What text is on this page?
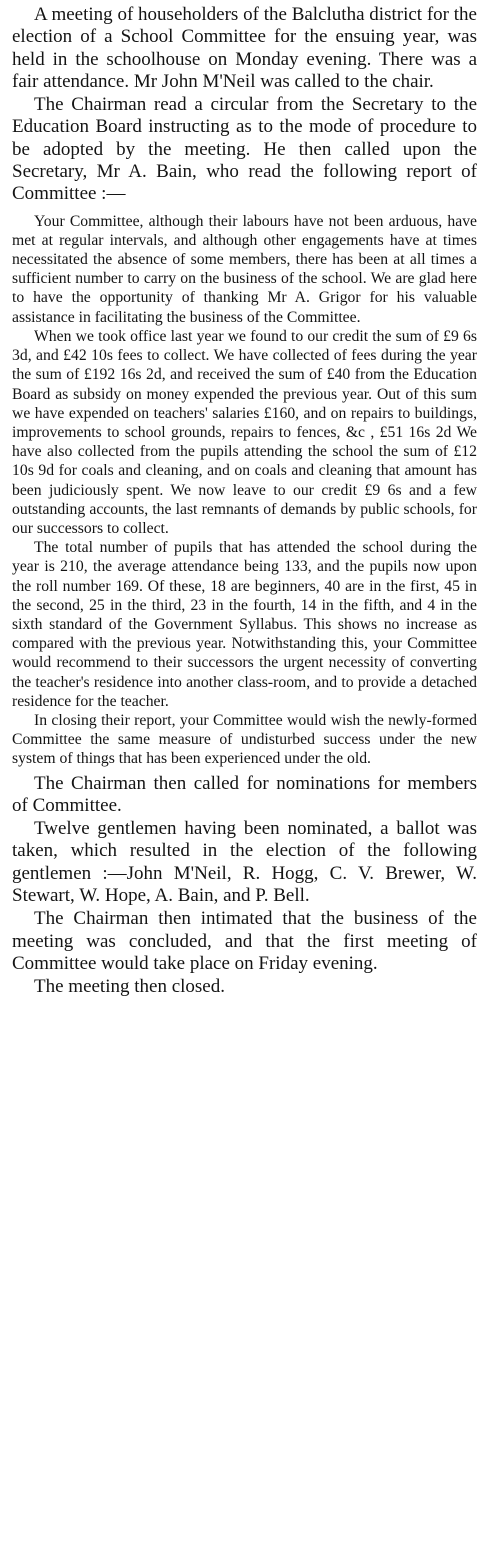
A meeting of householders of the Balclutha district for the election of a School Committee for the ensuing year, was held in the schoolhouse on Monday evening. There was a fair attendance. Mr John M'Neil was called to the chair.

The Chairman read a circular from the Secretary to the Education Board instructing as to the mode of procedure to be adopted by the meeting. He then called upon the Secretary, Mr A. Bain, who read the following report of Committee :—

Your Committee, although their labours have not been arduous, have met at regular intervals, and although other engagements have at times necessitated the absence of some members, there has been at all times a sufficient number to carry on the business of the school. We are glad here to have the opportunity of thanking Mr A. Grigor for his valuable assistance in facilitating the business of the Committee.

When we took office last year we found to our credit the sum of £9 6s 3d, and £42 10s fees to collect. We have collected of fees during the year the sum of £192 16s 2d, and received the sum of £40 from the Education Board as subsidy on money expended the previous year. Out of this sum we have expended on teachers' salaries £160, and on repairs to buildings, improvements to school grounds, repairs to fences, &c , £51 16s 2d We have also collected from the pupils attending the school the sum of £12 10s 9d for coals and cleaning, and on coals and cleaning that amount has been judiciously spent. We now leave to our credit £9 6s and a few outstanding accounts, the last remnants of demands by public schools, for our successors to collect.

The total number of pupils that has attended the school during the year is 210, the average attendance being 133, and the pupils now upon the roll number 169. Of these, 18 are beginners, 40 are in the first, 45 in the second, 25 in the third, 23 in the fourth, 14 in the fifth, and 4 in the sixth standard of the Government Syllabus. This shows no increase as compared with the previous year. Notwithstanding this, your Committee would recommend to their successors the urgent necessity of converting the teacher's residence into another class-room, and to provide a detached residence for the teacher.

In closing their report, your Committee would wish the newly-formed Committee the same measure of undisturbed success under the new system of things that has been experienced under the old.

The Chairman then called for nominations for members of Committee.

Twelve gentlemen having been nominated, a ballot was taken, which resulted in the election of the following gentlemen :—John M'Neil, R. Hogg, C. V. Brewer, W. Stewart, W. Hope, A. Bain, and P. Bell.

The Chairman then intimated that the business of the meeting was concluded, and that the first meeting of Committee would take place on Friday evening.

The meeting then closed.
